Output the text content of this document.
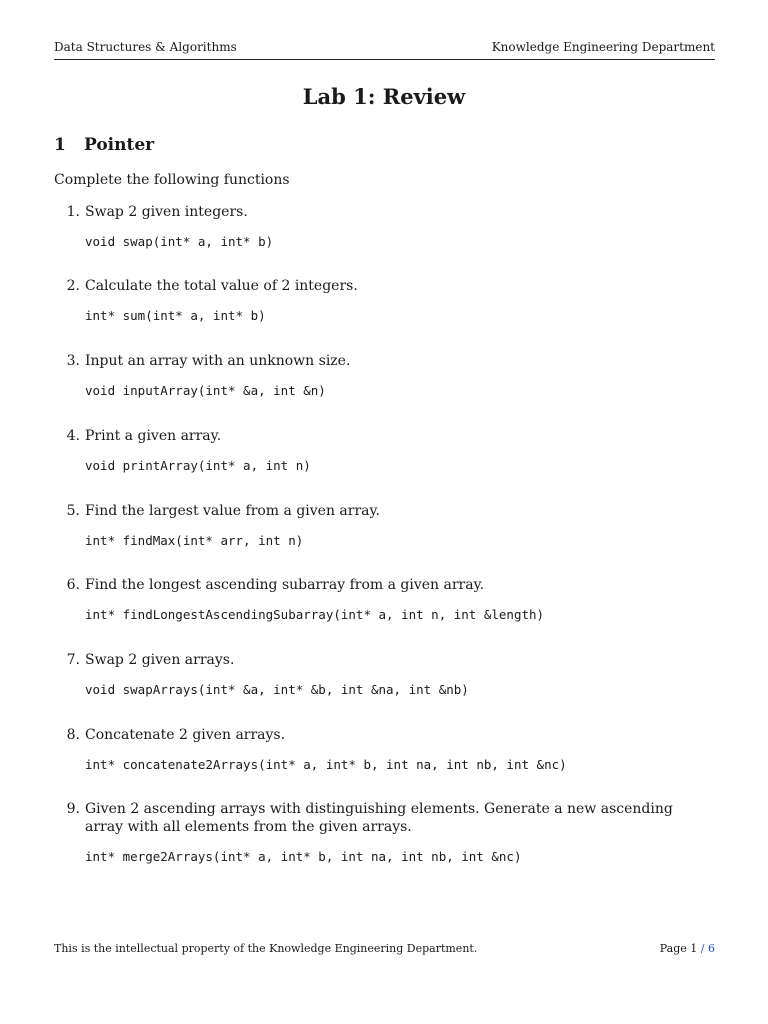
Data Structures & Algorithms	Knowledge Engineering Department
Lab 1: Review
1 Pointer
Complete the following functions
1. Swap 2 given integers.
void swap(int* a, int* b)
2. Calculate the total value of 2 integers.
int* sum(int* a, int* b)
3. Input an array with an unknown size.
void inputArray(int* &a, int &n)
4. Print a given array.
void printArray(int* a, int n)
5. Find the largest value from a given array.
int* findMax(int* arr, int n)
6. Find the longest ascending subarray from a given array.
int* findLongestAscendingSubarray(int* a, int n, int &length)
7. Swap 2 given arrays.
void swapArrays(int* &a, int* &b, int &na, int &nb)
8. Concatenate 2 given arrays.
int* concatenate2Arrays(int* a, int* b, int na, int nb, int &nc)
9. Given 2 ascending arrays with distinguishing elements. Generate a new ascending array with all elements from the given arrays.
int* merge2Arrays(int* a, int* b, int na, int nb, int &nc)
This is the intellectual property of the Knowledge Engineering Department.	Page 1 / 6
